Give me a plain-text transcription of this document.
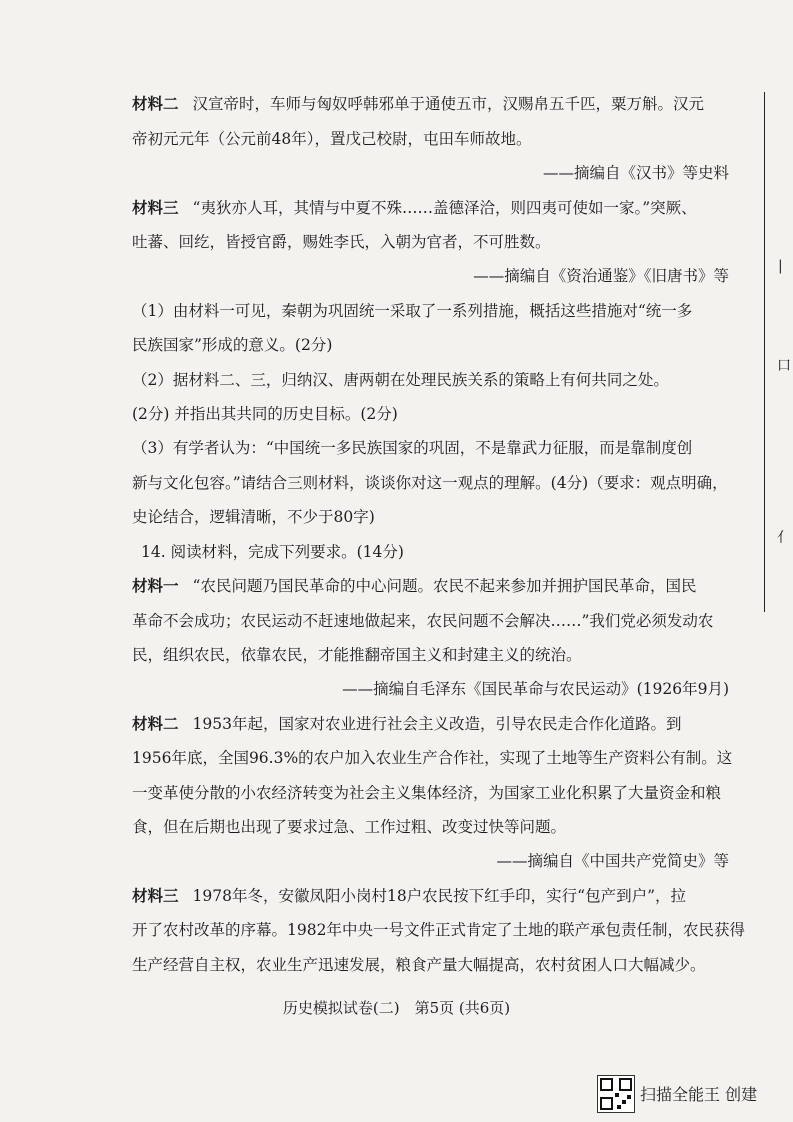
材料二 汉宣帝时，车师与匈奴呼韩邪单于通使五市，汉赐帛五千匹，粟万斛。汉元
帝初元元年（公元前48年），置戊己校尉，屯田车师故地。
——摘编自《汉书》等史料
材料三 “夷狄亦人耳，其情与中夏不殊……盖德泽洽，则四夷可使如一家。”突厥、
吐蕃、回纥，皆授官爵，赐姓李氏，入朝为官者，不可胜数。
——摘编自《资治通鉴》《旧唐书》等
（1）由材料一可见，秦朝为巩固统一采取了一系列措施，概括这些措施对“统一多
民族国家”形成的意义。(2分)
（2）据材料二、三，归纳汉、唐两朝在处理民族关系的策略上有何共同之处。
(2分) 并指出其共同的历史目标。(2分)
（3）有学者认为：“中国统一多民族国家的巩固，不是靠武力征服，而是靠制度创
新与文化包容。”请结合三则材料，谈谈你对这一观点的理解。(4分)（要求：观点明确，
史论结合，逻辑清晰，不少于80字)
14. 阅读材料，完成下列要求。(14分)
材料一 “农民问题乃国民革命的中心问题。农民不起来参加并拥护国民革命，国民
革命不会成功；农民运动不赶速地做起来，农民问题不会解决……”我们党必须发动农
民，组织农民，依靠农民，才能推翻帝国主义和封建主义的统治。
——摘编自毛泽东《国民革命与农民运动》(1926年9月)
材料二 1953年起，国家对农业进行社会主义改造，引导农民走合作化道路。到
1956年底，全国96.3%的农户加入农业生产合作社，实现了土地等生产资料公有制。这
一变革使分散的小农经济转变为社会主义集体经济，为国家工业化积累了大量资金和粮
食，但在后期也出现了要求过急、工作过粗、改变过快等问题。
——摘编自《中国共产党简史》等
材料三 1978年冬，安徽凤阳小岗村18户农民按下红手印，实行“包产到户”，拉
开了农村改革的序幕。1982年中央一号文件正式肯定了土地的联产承包责任制，农民获得
生产经营自主权，农业生产迅速发展，粮食产量大幅提高，农村贫困人口大幅减少。
历史模拟试卷(二)　第5页 (共6页)
|
口
亻
扫描全能王 创建
